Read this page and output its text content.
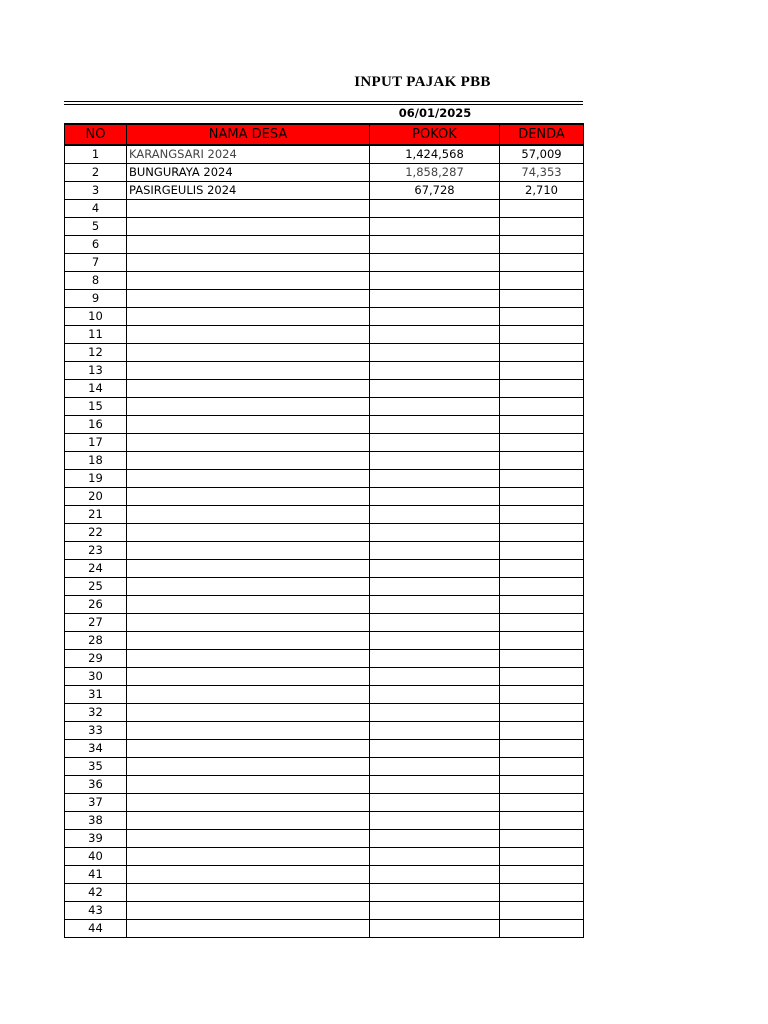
INPUT PAJAK PBB
06/01/2025
NO	NAMA DESA	POKOK	DENDA
1	KARANGSARI 2024	1,424,568	57,009
2	BUNGURAYA 2024	1,858,287	74,353
3	PASIRGEULIS 2024	67,728	2,710
4			
5			
6			
7			
8			
9			
10			
11			
12			
13			
14			
15			
16			
17			
18			
19			
20			
21			
22			
23			
24			
25			
26			
27			
28			
29			
30			
31			
32			
33			
34			
35			
36			
37			
38			
39			
40			
41			
42			
43			
44			
